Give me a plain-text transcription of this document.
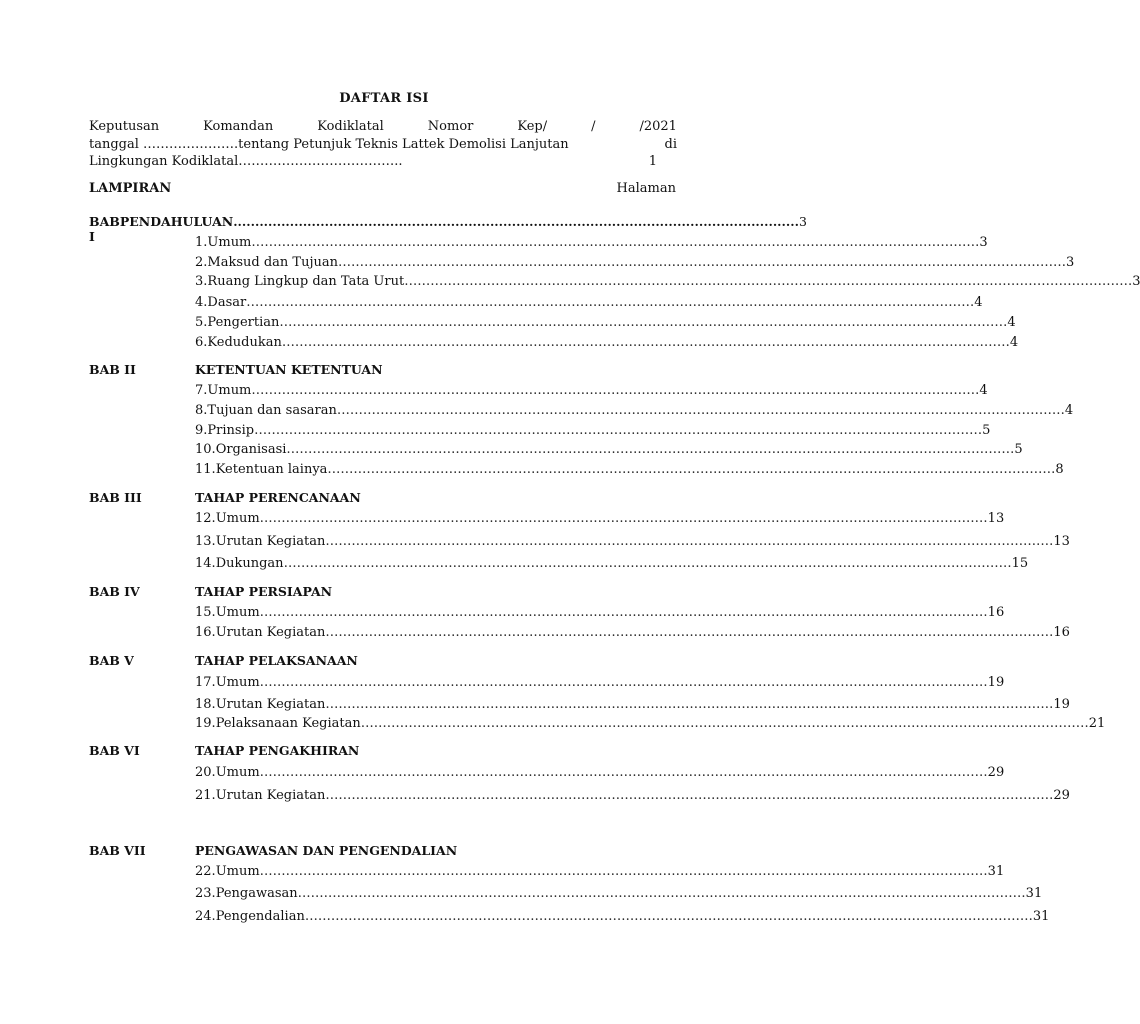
DAFTAR ISI
Keputusan	Komandan	Kodiklatal	Nomor	Kep/	/	/2021
tanggal ………………….tentang Petunjuk Teknis Lattek Demolisi Lanjutan	di
Lingkungan Kodiklatal………………………………..	1
LAMPIRAN	Halaman
BAB I
PENDAHULUAN .................................................................................................................................. 3
1. Umum …………………………………………………………………………………………………………………………………………………… 3
2. Maksud dan Tujuan …………………………………………………………………………………………………………………………………………………… 3
3. Ruang Lingkup dan Tata Urut …………………………………………………………………………………………………………………………………………………… 3
4. Dasar …………………………………………………………………………………………………………………………………………………… 4
5. Pengertian …………………………………………………………………………………………………………………………………………………… 4
6. Kedudukan …………………………………………………………………………………………………………………………………………………… 4
BAB II	KETENTUAN KETENTUAN
7. Umum …………………………………………………………………………………………………………………………………………………… 4
8. Tujuan dan sasaran …………………………………………………………………………………………………………………………………………………… 4
9. Prinsip …………………………………………………………………………………………………………………………………………………… 5
10. Organisasi …………………………………………………………………………………………………………………………………………………… 5
11. Ketentuan lainya …………………………………………………………………………………………………………………………………………………… 8
BAB III	TAHAP PERENCANAAN
12. Umum …………………………………………………………………………………………………………………………………………………… 13
13. Urutan Kegiatan …………………………………………………………………………………………………………………………………………………… 13
14. Dukungan …………………………………………………………………………………………………………………………………………………… 15
BAB IV	TAHAP PERSIAPAN
15. Umum …………………………………………………………………………………………………………………………………………………… 16
16. Urutan Kegiatan …………………………………………………………………………………………………………………………………………………… 16
BAB V	TAHAP PELAKSANAAN
17. Umum …………………………………………………………………………………………………………………………………………………… 19
18. Urutan Kegiatan …………………………………………………………………………………………………………………………………………………… 19
19. Pelaksanaan Kegiatan …………………………………………………………………………………………………………………………………………………… 21
BAB VI	TAHAP PENGAKHIRAN
20. Umum …………………………………………………………………………………………………………………………………………………… 29
21. Urutan Kegiatan …………………………………………………………………………………………………………………………………………………… 29
BAB VII	PENGAWASAN DAN PENGENDALIAN
22. Umum …………………………………………………………………………………………………………………………………………………… 31
23. Pengawasan …………………………………………………………………………………………………………………………………………………… 31
24. Pengendalian …………………………………………………………………………………………………………………………………………………… 31
